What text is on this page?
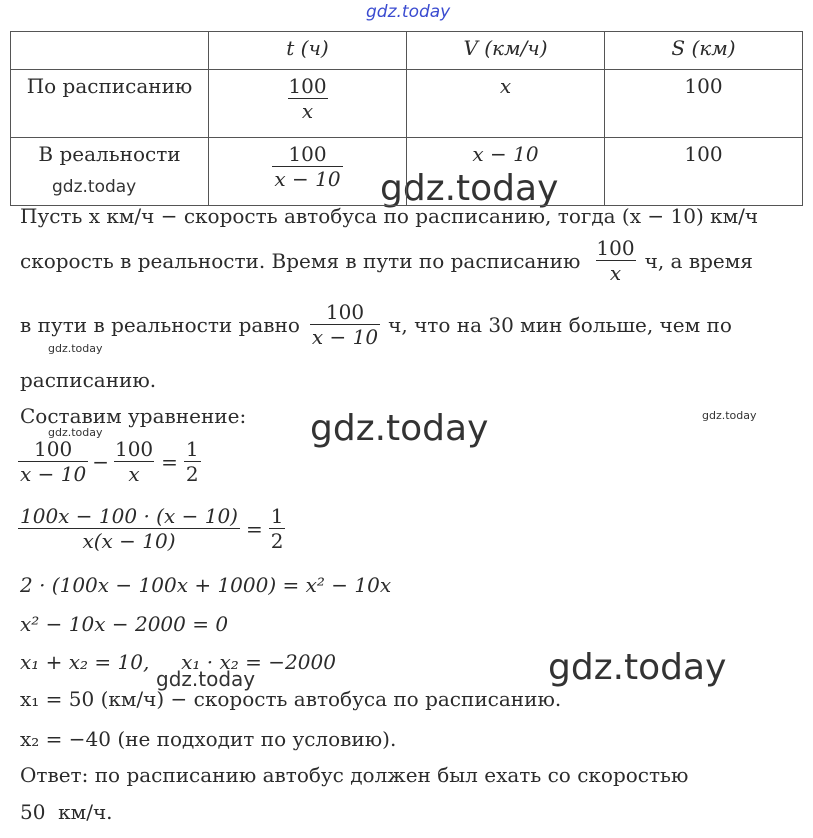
gdz.today
gdz.today	gdz.today
gdz.today
gdz.today
gdz.today	gdz.today
gdz.today	gdz.today
	t (ч)	V (км/ч)	S (км)
По расписанию	$\frac{100}{x}$	x	100
В реальности	$\frac{100}{x - 10}$	x − 10	100
Пусть x км/ч − скорость автобуса по расписанию, тогда (x − 10) км/ч
скорость в реальности. Время в пути по расписанию $\frac{100}{x} ч$, а время
в пути в реальности равно $\frac{100}{x - 10} ч$, что на 30 мин больше, чем по
расписанию.
Составим уравнение:
$\frac{100}{x - 10} - \frac{100}{x} = \frac{1}{2}$
$\frac{100x - 100 \cdot (x - 10)}{x(x - 10)} = \frac{1}{2}$
2 · (100x − 100x + 1000) = x² − 10x
x² − 10x − 2000 = 0
x₁ + x₂ = 10,     x₁ · x₂ = −2000
x₁ = 50 (км/ч) − скорость автобуса по расписанию.
x₂ = −40 (не подходит по условию).
Ответ: по расписанию автобус должен был ехать со скоростью
50  км/ч.
